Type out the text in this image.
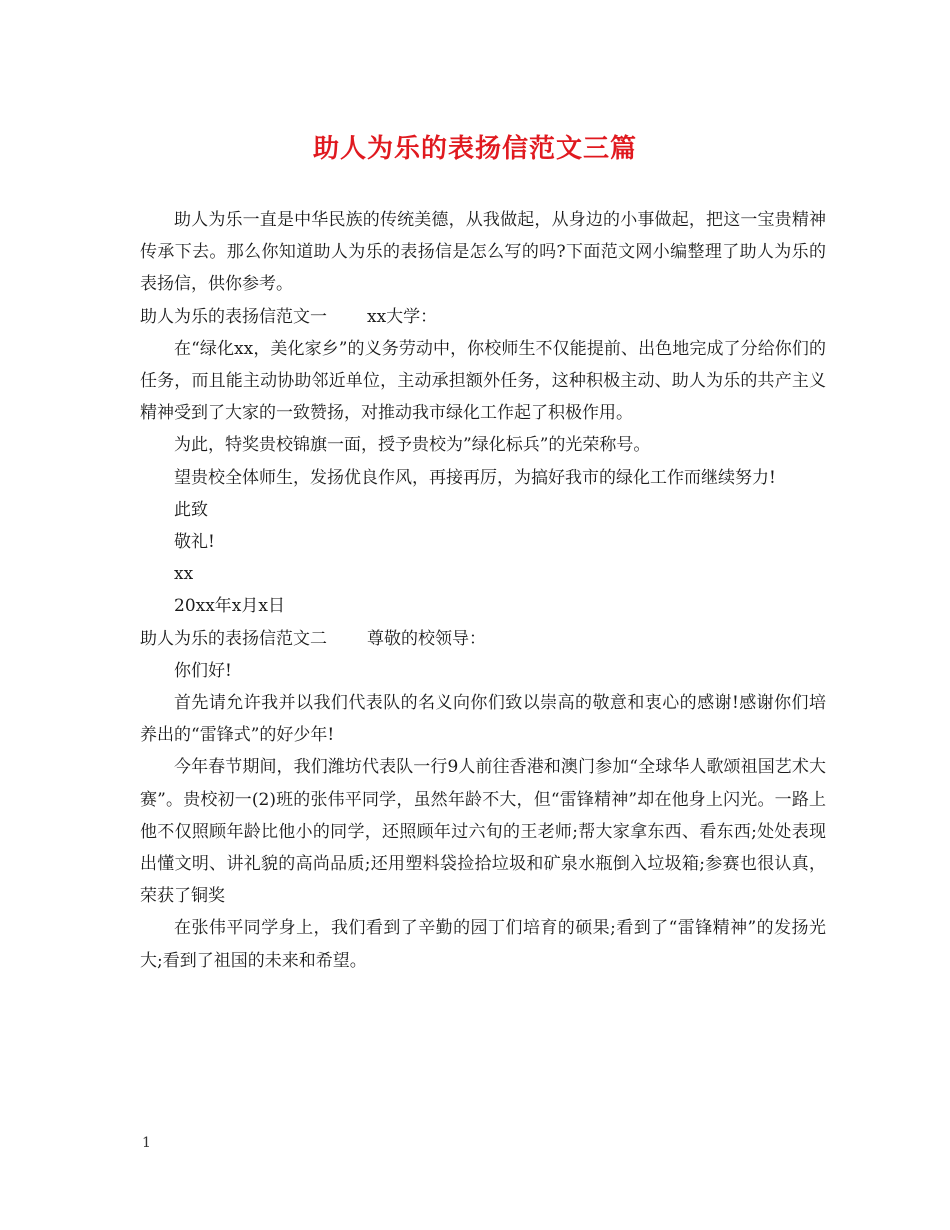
助人为乐的表扬信范文三篇

助人为乐一直是中华民族的传统美德，从我做起，从身边的小事做起，把这一宝贵精神传承下去。那么你知道助人为乐的表扬信是怎么写的吗?下面范文网小编整理了助人为乐的表扬信，供你参考。

助人为乐的表扬信范文一 xx大学：

在“绿化xx，美化家乡”的义务劳动中，你校师生不仅能提前、出色地完成了分给你们的任务，而且能主动协助邻近单位，主动承担额外任务，这种积极主动、助人为乐的共产主义精神受到了大家的一致赞扬，对推动我市绿化工作起了积极作用。

为此，特奖贵校锦旗一面，授予贵校为”绿化标兵”的光荣称号。

望贵校全体师生，发扬优良作风，再接再厉，为搞好我市的绿化工作而继续努力!

此致

敬礼!

xx

20xx年x月x日

助人为乐的表扬信范文二 尊敬的校领导：

你们好!

首先请允许我并以我们代表队的名义向你们致以崇高的敬意和衷心的感谢!感谢你们培养出的“雷锋式”的好少年!

今年春节期间，我们潍坊代表队一行9人前往香港和澳门参加“全球华人歌颂祖国艺术大赛”。贵校初一(2)班的张伟平同学，虽然年龄不大，但“雷锋精神”却在他身上闪光。一路上他不仅照顾年龄比他小的同学，还照顾年过六旬的王老师;帮大家拿东西、看东西;处处表现出懂文明、讲礼貌的高尚品质;还用塑料袋捡拾垃圾和矿泉水瓶倒入垃圾箱;参赛也很认真，荣获了铜奖

在张伟平同学身上，我们看到了辛勤的园丁们培育的硕果;看到了“雷锋精神”的发扬光大;看到了祖国的未来和希望。

1
